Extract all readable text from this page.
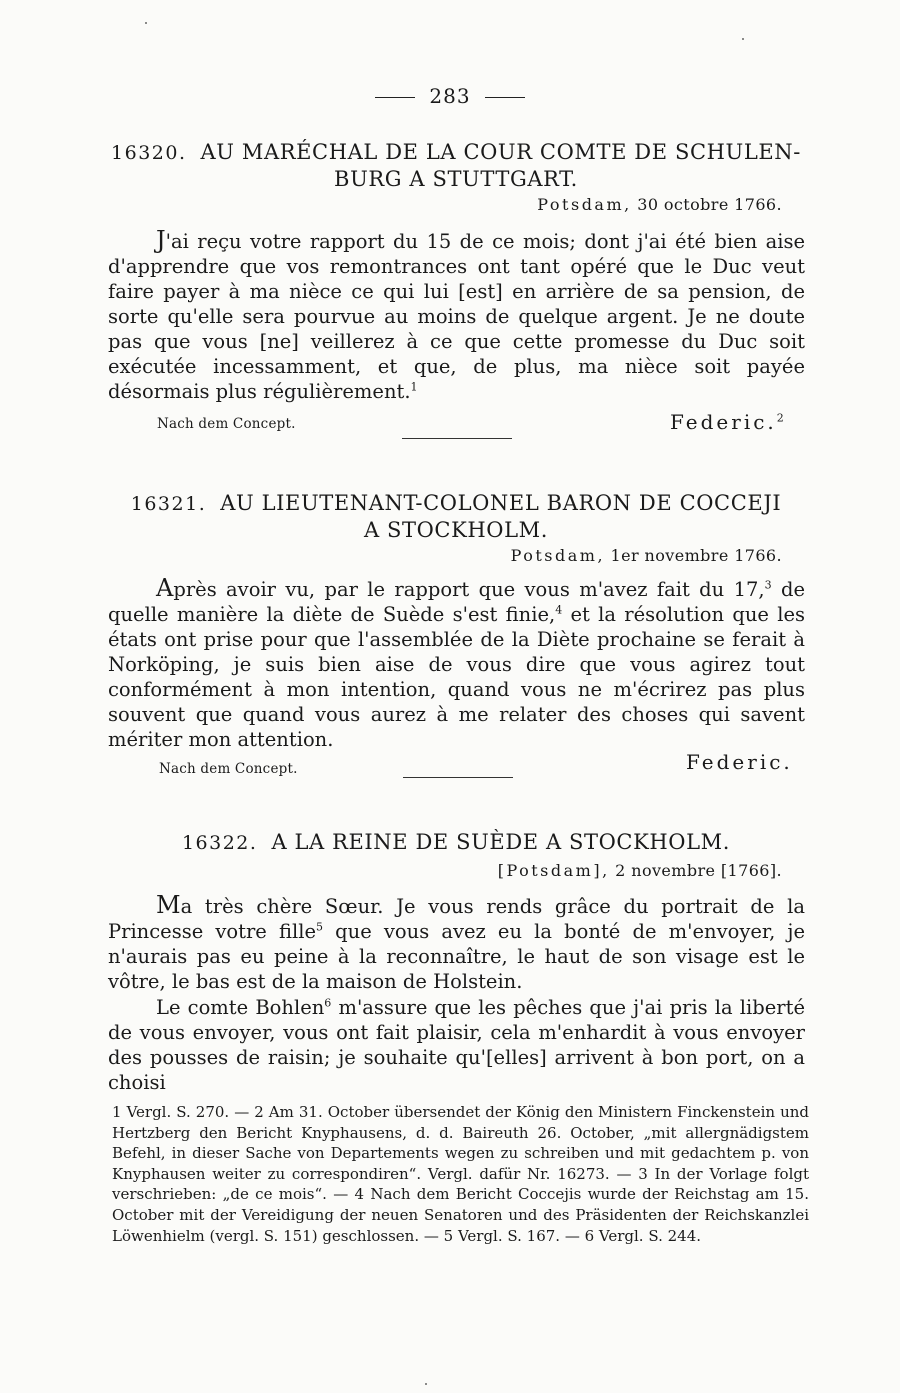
283
16320. AU MARÉCHAL DE LA COUR COMTE DE SCHULEN-
BURG A STUTTGART.
Potsdam, 30 octobre 1766.
J'ai reçu votre rapport du 15 de ce mois; dont j'ai été bien aise d'apprendre que vos remontrances ont tant opéré que le Duc veut faire payer à ma nièce ce qui lui [est] en arrière de sa pension, de sorte qu'elle sera pourvue au moins de quelque argent. Je ne doute pas que vous [ne] veillerez à ce que cette promesse du Duc soit exécutée incessamment, et que, de plus, ma nièce soit payée désormais plus régulièrement.$^1$
Nach dem Concept.	Federic.$^2$
16321. AU LIEUTENANT-COLONEL BARON DE COCCEJI
A STOCKHOLM.
Potsdam, 1er novembre 1766.
Après avoir vu, par le rapport que vous m'avez fait du 17,$^3$ de quelle manière la diète de Suède s'est finie,$^4$ et la résolution que les états ont prise pour que l'assemblée de la Diète prochaine se ferait à Norköping, je suis bien aise de vous dire que vous agirez tout conformément à mon intention, quand vous ne m'écrirez pas plus souvent que quand vous aurez à me relater des choses qui savent mériter mon attention.
Nach dem Concept.	Federic.
16322. A LA REINE DE SUÈDE A STOCKHOLM.
[Potsdam], 2 novembre [1766].
Ma très chère Sœur. Je vous rends grâce du portrait de la Princesse votre fille$^5$ que vous avez eu la bonté de m'envoyer, je n'aurais pas eu peine à la reconnaître, le haut de son visage est le vôtre, le bas est de la maison de Holstein.
Le comte Bohlen$^6$ m'assure que les pêches que j'ai pris la liberté de vous envoyer, vous ont fait plaisir, cela m'enhardit à vous envoyer des pousses de raisin; je souhaite qu'[elles] arrivent à bon port, on a choisi
1 Vergl. S. 270. — 2 Am 31. October übersendet der König den Ministern Finckenstein und Hertzberg den Bericht Knyphausens, d. d. Baireuth 26. October, „mit allergnädigstem Befehl, in dieser Sache von Departements wegen zu schreiben und mit gedachtem p. von Knyphausen weiter zu correspondiren“. Vergl. dafür Nr. 16273. — 3 In der Vorlage folgt verschrieben: „de ce mois“. — 4 Nach dem Bericht Coccejis wurde der Reichstag am 15. October mit der Vereidigung der neuen Senatoren und des Präsidenten der Reichskanzlei Löwenhielm (vergl. S. 151) geschlossen. — 5 Vergl. S. 167. — 6 Vergl. S. 244.
